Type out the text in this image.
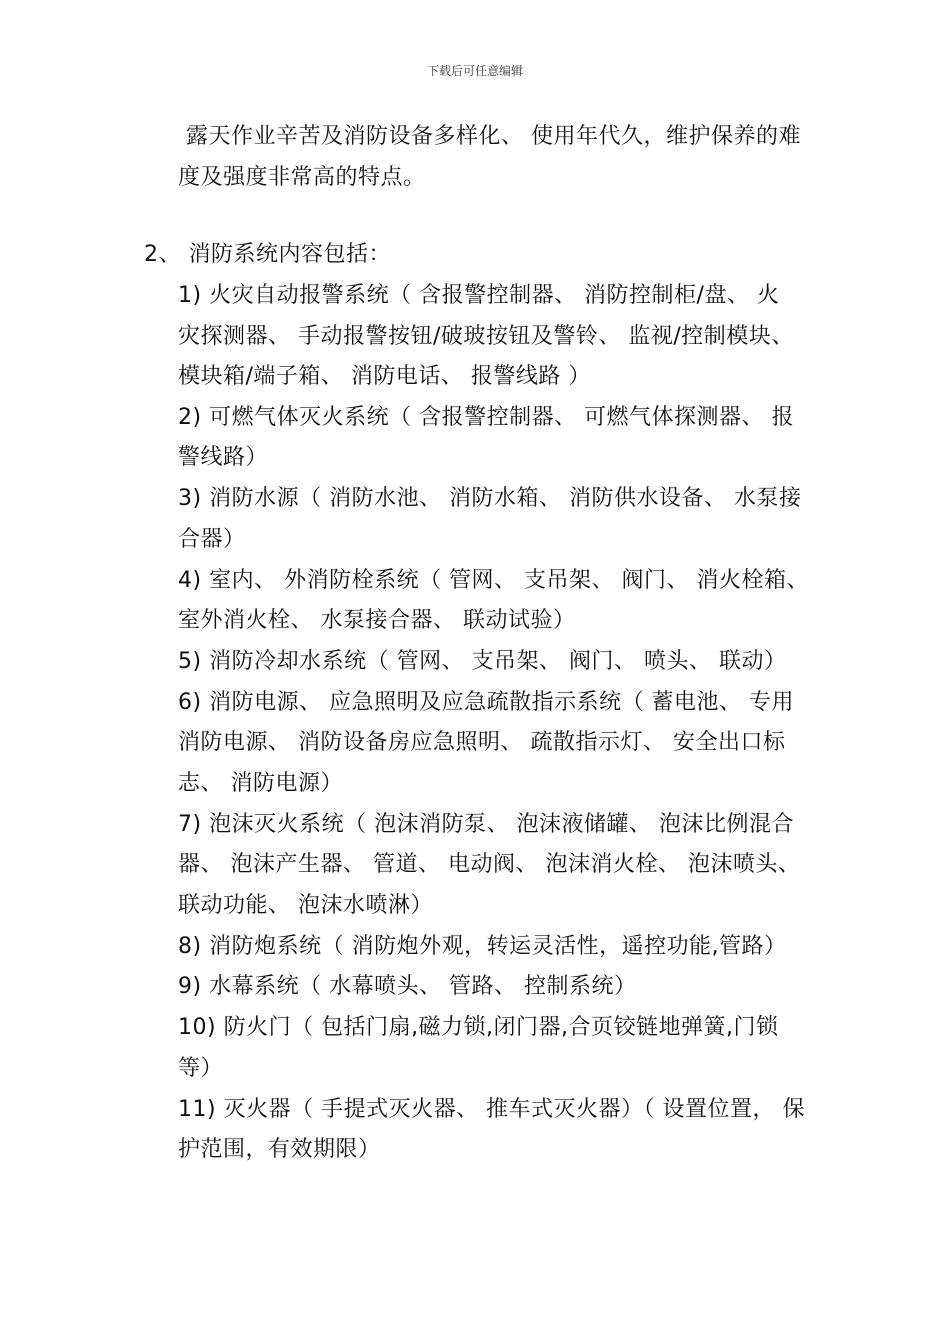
下载后可任意编辑
露天作业辛苦及消防设备多样化、 使用年代久，维护保养的难
度及强度非常高的特点。
2、 消防系统内容包括：
1) 火灾自动报警系统（ 含报警控制器、 消防控制柜/盘、 火
灾探测器、 手动报警按钮/破玻按钮及警铃、 监视/控制模块、
模块箱/端子箱、 消防电话、 报警线路 ）
2) 可燃气体灭火系统（ 含报警控制器、 可燃气体探测器、 报
警线路）
3) 消防水源（ 消防水池、 消防水箱、 消防供水设备、 水泵接
合器）
4) 室内、 外消防栓系统（ 管网、 支吊架、 阀门、 消火栓箱、
室外消火栓、 水泵接合器、 联动试验）
5) 消防冷却水系统（ 管网、 支吊架、 阀门、 喷头、 联动）
6) 消防电源、 应急照明及应急疏散指示系统（ 蓄电池、 专用
消防电源、 消防设备房应急照明、 疏散指示灯、 安全出口标
志、 消防电源）
7) 泡沫灭火系统（ 泡沫消防泵、 泡沫液储罐、 泡沫比例混合
器、 泡沫产生器、 管道、 电动阀、 泡沫消火栓、 泡沫喷头、
联动功能、 泡沫水喷淋）
8) 消防炮系统（ 消防炮外观，转运灵活性，遥控功能,管路）
9) 水幕系统（ 水幕喷头、 管路、 控制系统）
10) 防火门（ 包括门扇,磁力锁,闭门器,合页铰链地弹簧,门锁
等）
11) 灭火器（ 手提式灭火器、 推车式灭火器）（ 设置位置， 保
护范围，有效期限）
